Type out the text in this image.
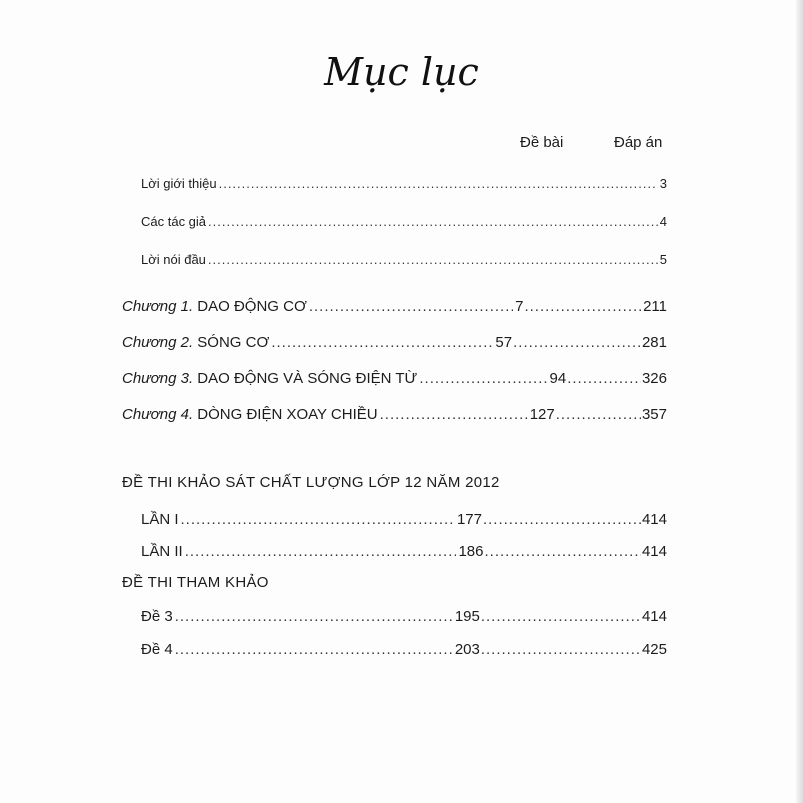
Mục lục
Đề bài	Đáp án
Lời giới thiệu .....	3
Các tác giả .....	4
Lời nói đầu .....	5
Chương 1. DAO ĐỘNG CƠ .....	7 .....	211
Chương 2. SÓNG CƠ .....	57 .....	281
Chương 3. DAO ĐỘNG VÀ SÓNG ĐIỆN TỪ .....	94 .....	326
Chương 4. DÒNG ĐIỆN XOAY CHIỀU .....	127 .....	357
ĐỀ THI KHẢO SÁT CHẤT LƯỢNG LỚP 12 NĂM 2012
LẦN I .....	177 .....	414
LẦN II .....	186 .....	414
ĐỀ THI THAM KHẢO
Đề 3 .....	195 .....	414
Đề 4 .....	203 .....	425
